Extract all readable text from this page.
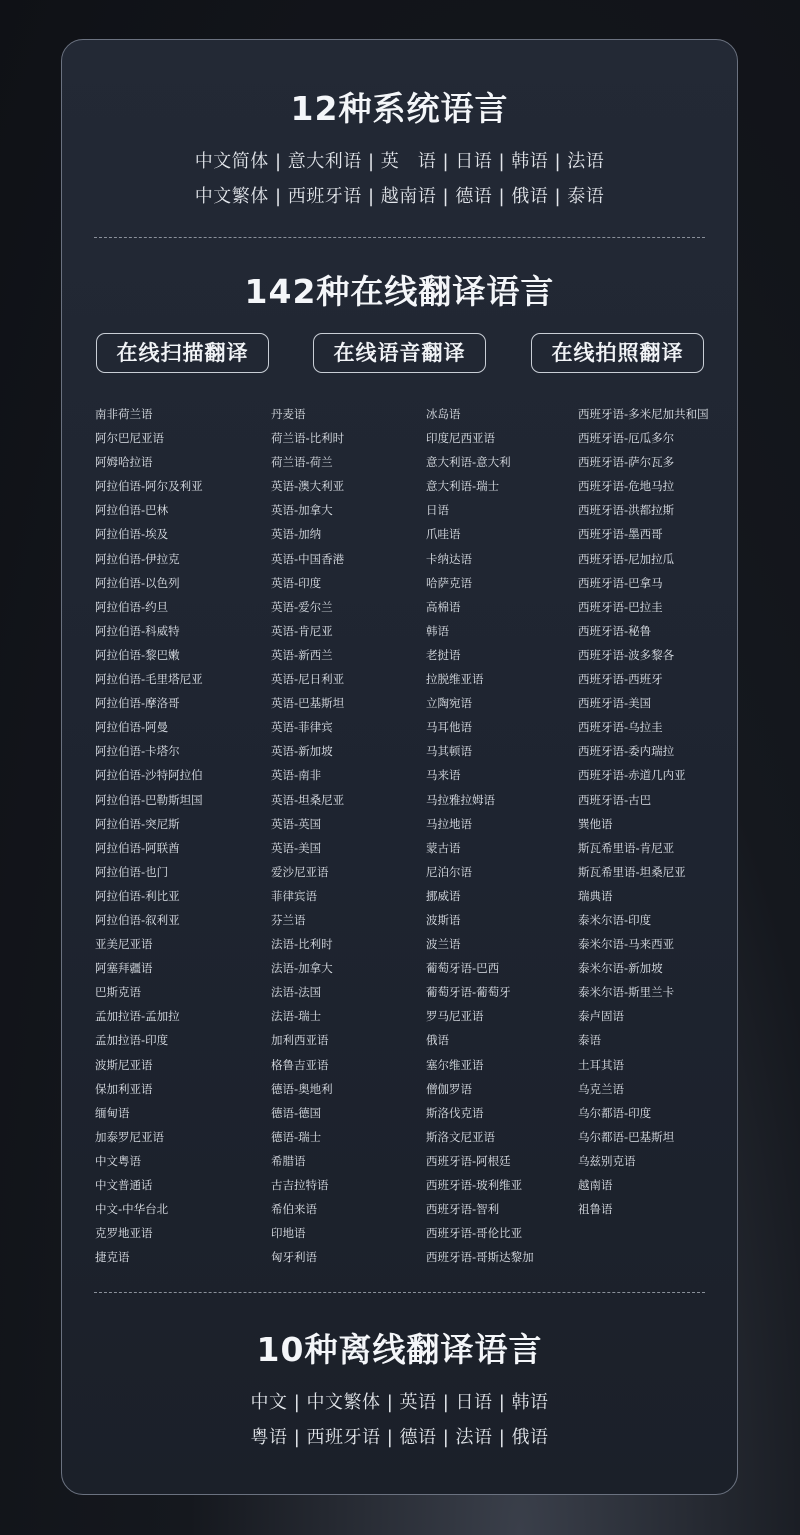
12种系统语言
中文简体 | 意大利语 | 英　语 | 日语 | 韩语 | 法语
中文繁体 | 西班牙语 | 越南语 | 德语 | 俄语 | 泰语
142种在线翻译语言
在线扫描翻译	在线语音翻译	在线拍照翻译
南非荷兰语
阿尔巴尼亚语
阿姆哈拉语
阿拉伯语-阿尔及利亚
阿拉伯语-巴林
阿拉伯语-埃及
阿拉伯语-伊拉克
阿拉伯语-以色列
阿拉伯语-约旦
阿拉伯语-科威特
阿拉伯语-黎巴嫩
阿拉伯语-毛里塔尼亚
阿拉伯语-摩洛哥
阿拉伯语-阿曼
阿拉伯语-卡塔尔
阿拉伯语-沙特阿拉伯
阿拉伯语-巴勒斯坦国
阿拉伯语-突尼斯
阿拉伯语-阿联酋
阿拉伯语-也门
阿拉伯语-利比亚
阿拉伯语-叙利亚
亚美尼亚语
阿塞拜疆语
巴斯克语
孟加拉语-孟加拉
孟加拉语-印度
波斯尼亚语
保加利亚语
缅甸语
加泰罗尼亚语
中文粤语
中文普通话
中文-中华台北
克罗地亚语
捷克语
丹麦语
荷兰语-比利时
荷兰语-荷兰
英语-澳大利亚
英语-加拿大
英语-加纳
英语-中国香港
英语-印度
英语-爱尔兰
英语-肯尼亚
英语-新西兰
英语-尼日利亚
英语-巴基斯坦
英语-菲律宾
英语-新加坡
英语-南非
英语-坦桑尼亚
英语-英国
英语-美国
爱沙尼亚语
菲律宾语
芬兰语
法语-比利时
法语-加拿大
法语-法国
法语-瑞士
加利西亚语
格鲁吉亚语
德语-奥地利
德语-德国
德语-瑞士
希腊语
古吉拉特语
希伯来语
印地语
匈牙利语
冰岛语
印度尼西亚语
意大利语-意大利
意大利语-瑞士
日语
爪哇语
卡纳达语
哈萨克语
高棉语
韩语
老挝语
拉脱维亚语
立陶宛语
马耳他语
马其顿语
马来语
马拉雅拉姆语
马拉地语
蒙古语
尼泊尔语
挪威语
波斯语
波兰语
葡萄牙语-巴西
葡萄牙语-葡萄牙
罗马尼亚语
俄语
塞尔维亚语
僧伽罗语
斯洛伐克语
斯洛文尼亚语
西班牙语-阿根廷
西班牙语-玻利维亚
西班牙语-智利
西班牙语-哥伦比亚
西班牙语-哥斯达黎加
西班牙语-多米尼加共和国
西班牙语-厄瓜多尔
西班牙语-萨尔瓦多
西班牙语-危地马拉
西班牙语-洪都拉斯
西班牙语-墨西哥
西班牙语-尼加拉瓜
西班牙语-巴拿马
西班牙语-巴拉圭
西班牙语-秘鲁
西班牙语-波多黎各
西班牙语-西班牙
西班牙语-美国
西班牙语-乌拉圭
西班牙语-委内瑞拉
西班牙语-赤道几内亚
西班牙语-古巴
巽他语
斯瓦希里语-肯尼亚
斯瓦希里语-坦桑尼亚
瑞典语
泰米尔语-印度
泰米尔语-马来西亚
泰米尔语-新加坡
泰米尔语-斯里兰卡
泰卢固语
泰语
土耳其语
乌克兰语
乌尔都语-印度
乌尔都语-巴基斯坦
乌兹别克语
越南语
祖鲁语
10种离线翻译语言
中文 | 中文繁体 | 英语 | 日语 | 韩语
粤语 | 西班牙语 | 德语 | 法语 | 俄语
